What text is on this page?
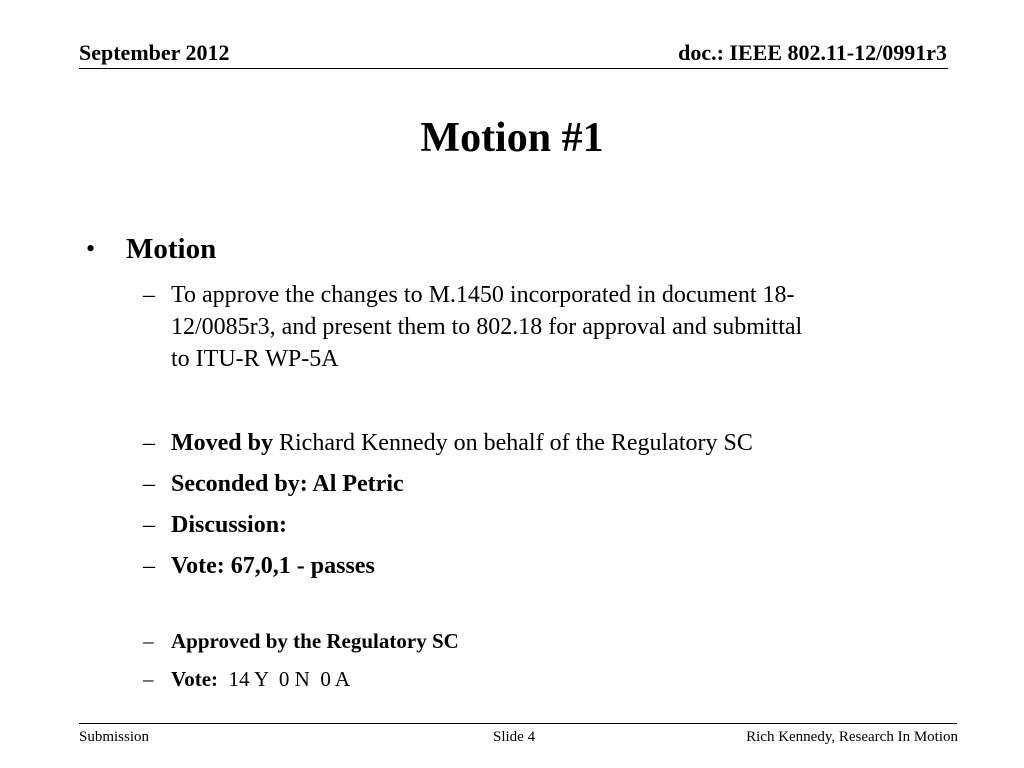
September 2012	doc.: IEEE 802.11-12/0991r3
Motion #1
• Motion
– To approve the changes to M.1450 incorporated in document 18-
12/0085r3, and present them to 802.18 for approval and submittal
to ITU-R WP-5A
– Moved by Richard Kennedy on behalf of the Regulatory SC
– Seconded by: Al Petric
– Discussion:
– Vote: 67,0,1 - passes
– Approved by the Regulatory SC
– Vote:  14 Y  0 N  0 A
Submission	Slide 4	Rich Kennedy, Research In Motion
